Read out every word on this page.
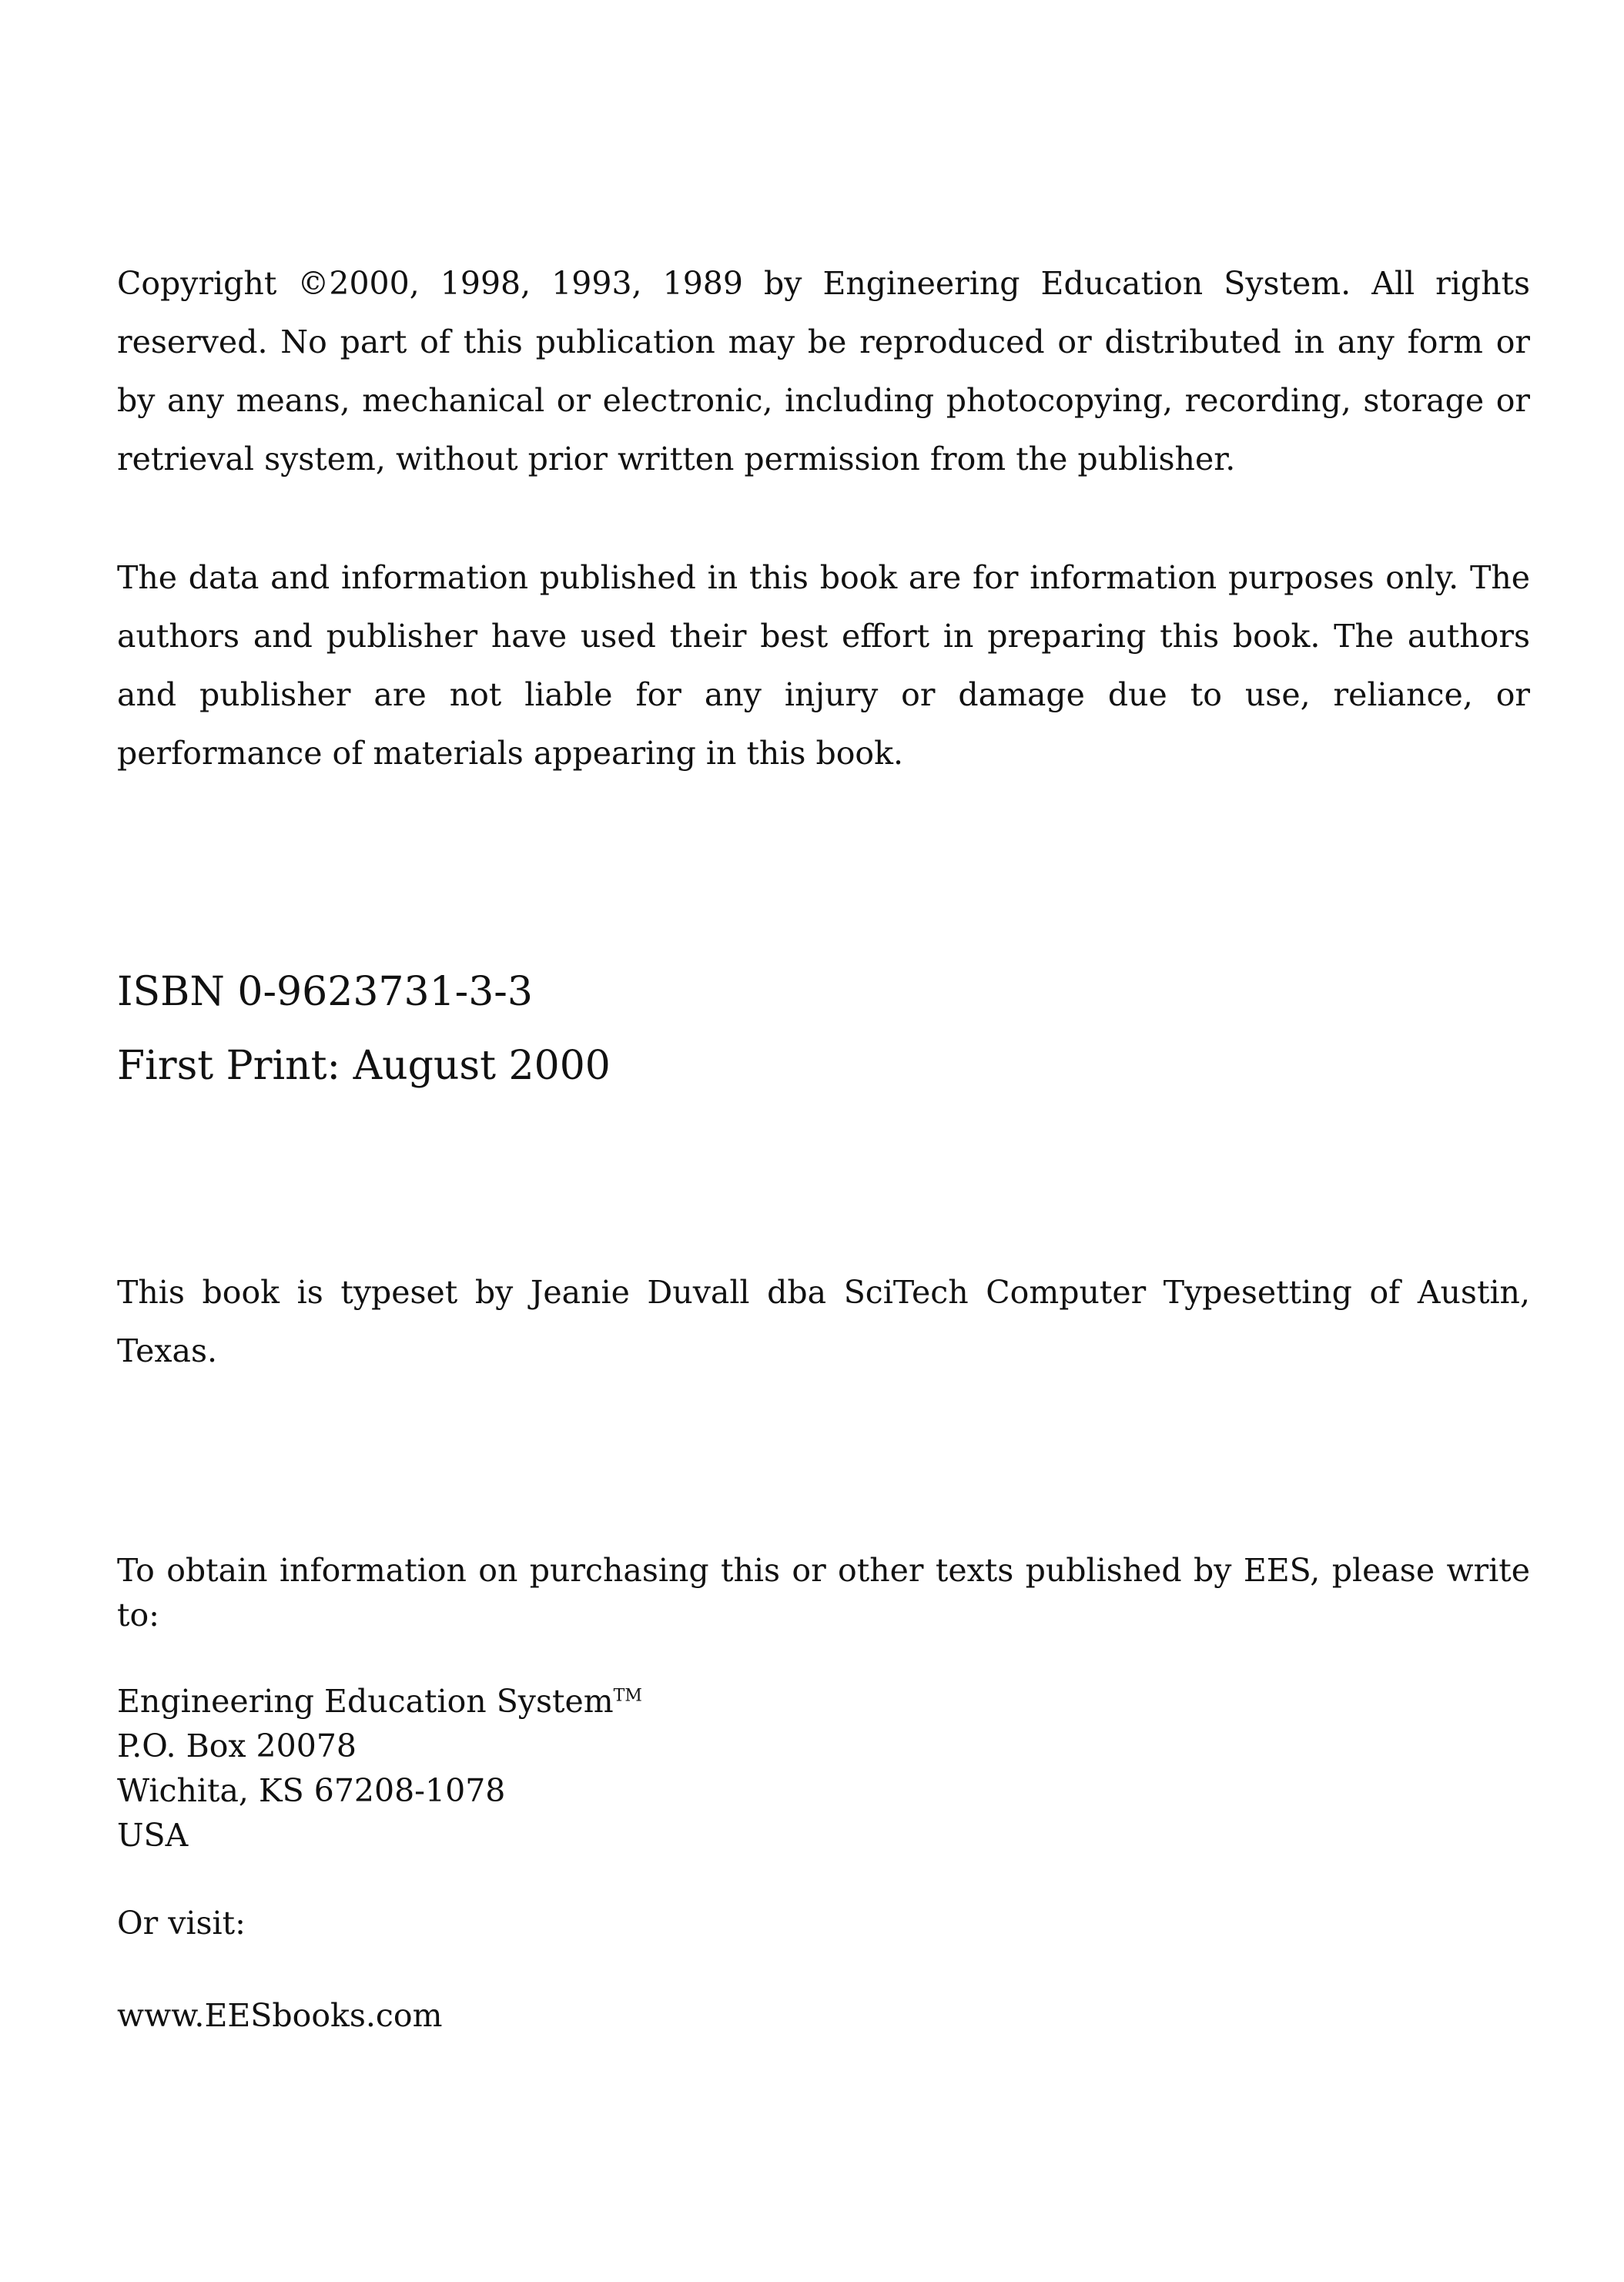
Copyright ©2000, 1998, 1993, 1989 by Engineering Education System. All rights reserved. No part of this publication may be reproduced or distributed in any form or by any means, mechanical or electronic, including photocopying, recording, storage or retrieval system, without prior written permission from the publisher.

The data and information published in this book are for information purposes only. The authors and publisher have used their best effort in preparing this book. The authors and publisher are not liable for any injury or damage due to use, reliance, or performance of materials appearing in this book.

ISBN 0-9623731-3-3

First Print: August 2000

This book is typeset by Jeanie Duvall dba SciTech Computer Typesetting of Austin, Texas.

To obtain information on purchasing this or other texts published by EES, please write to:

Engineering Education System™

P.O. Box 20078

Wichita, KS 67208-1078

USA

Or visit:

www.EESbooks.com
